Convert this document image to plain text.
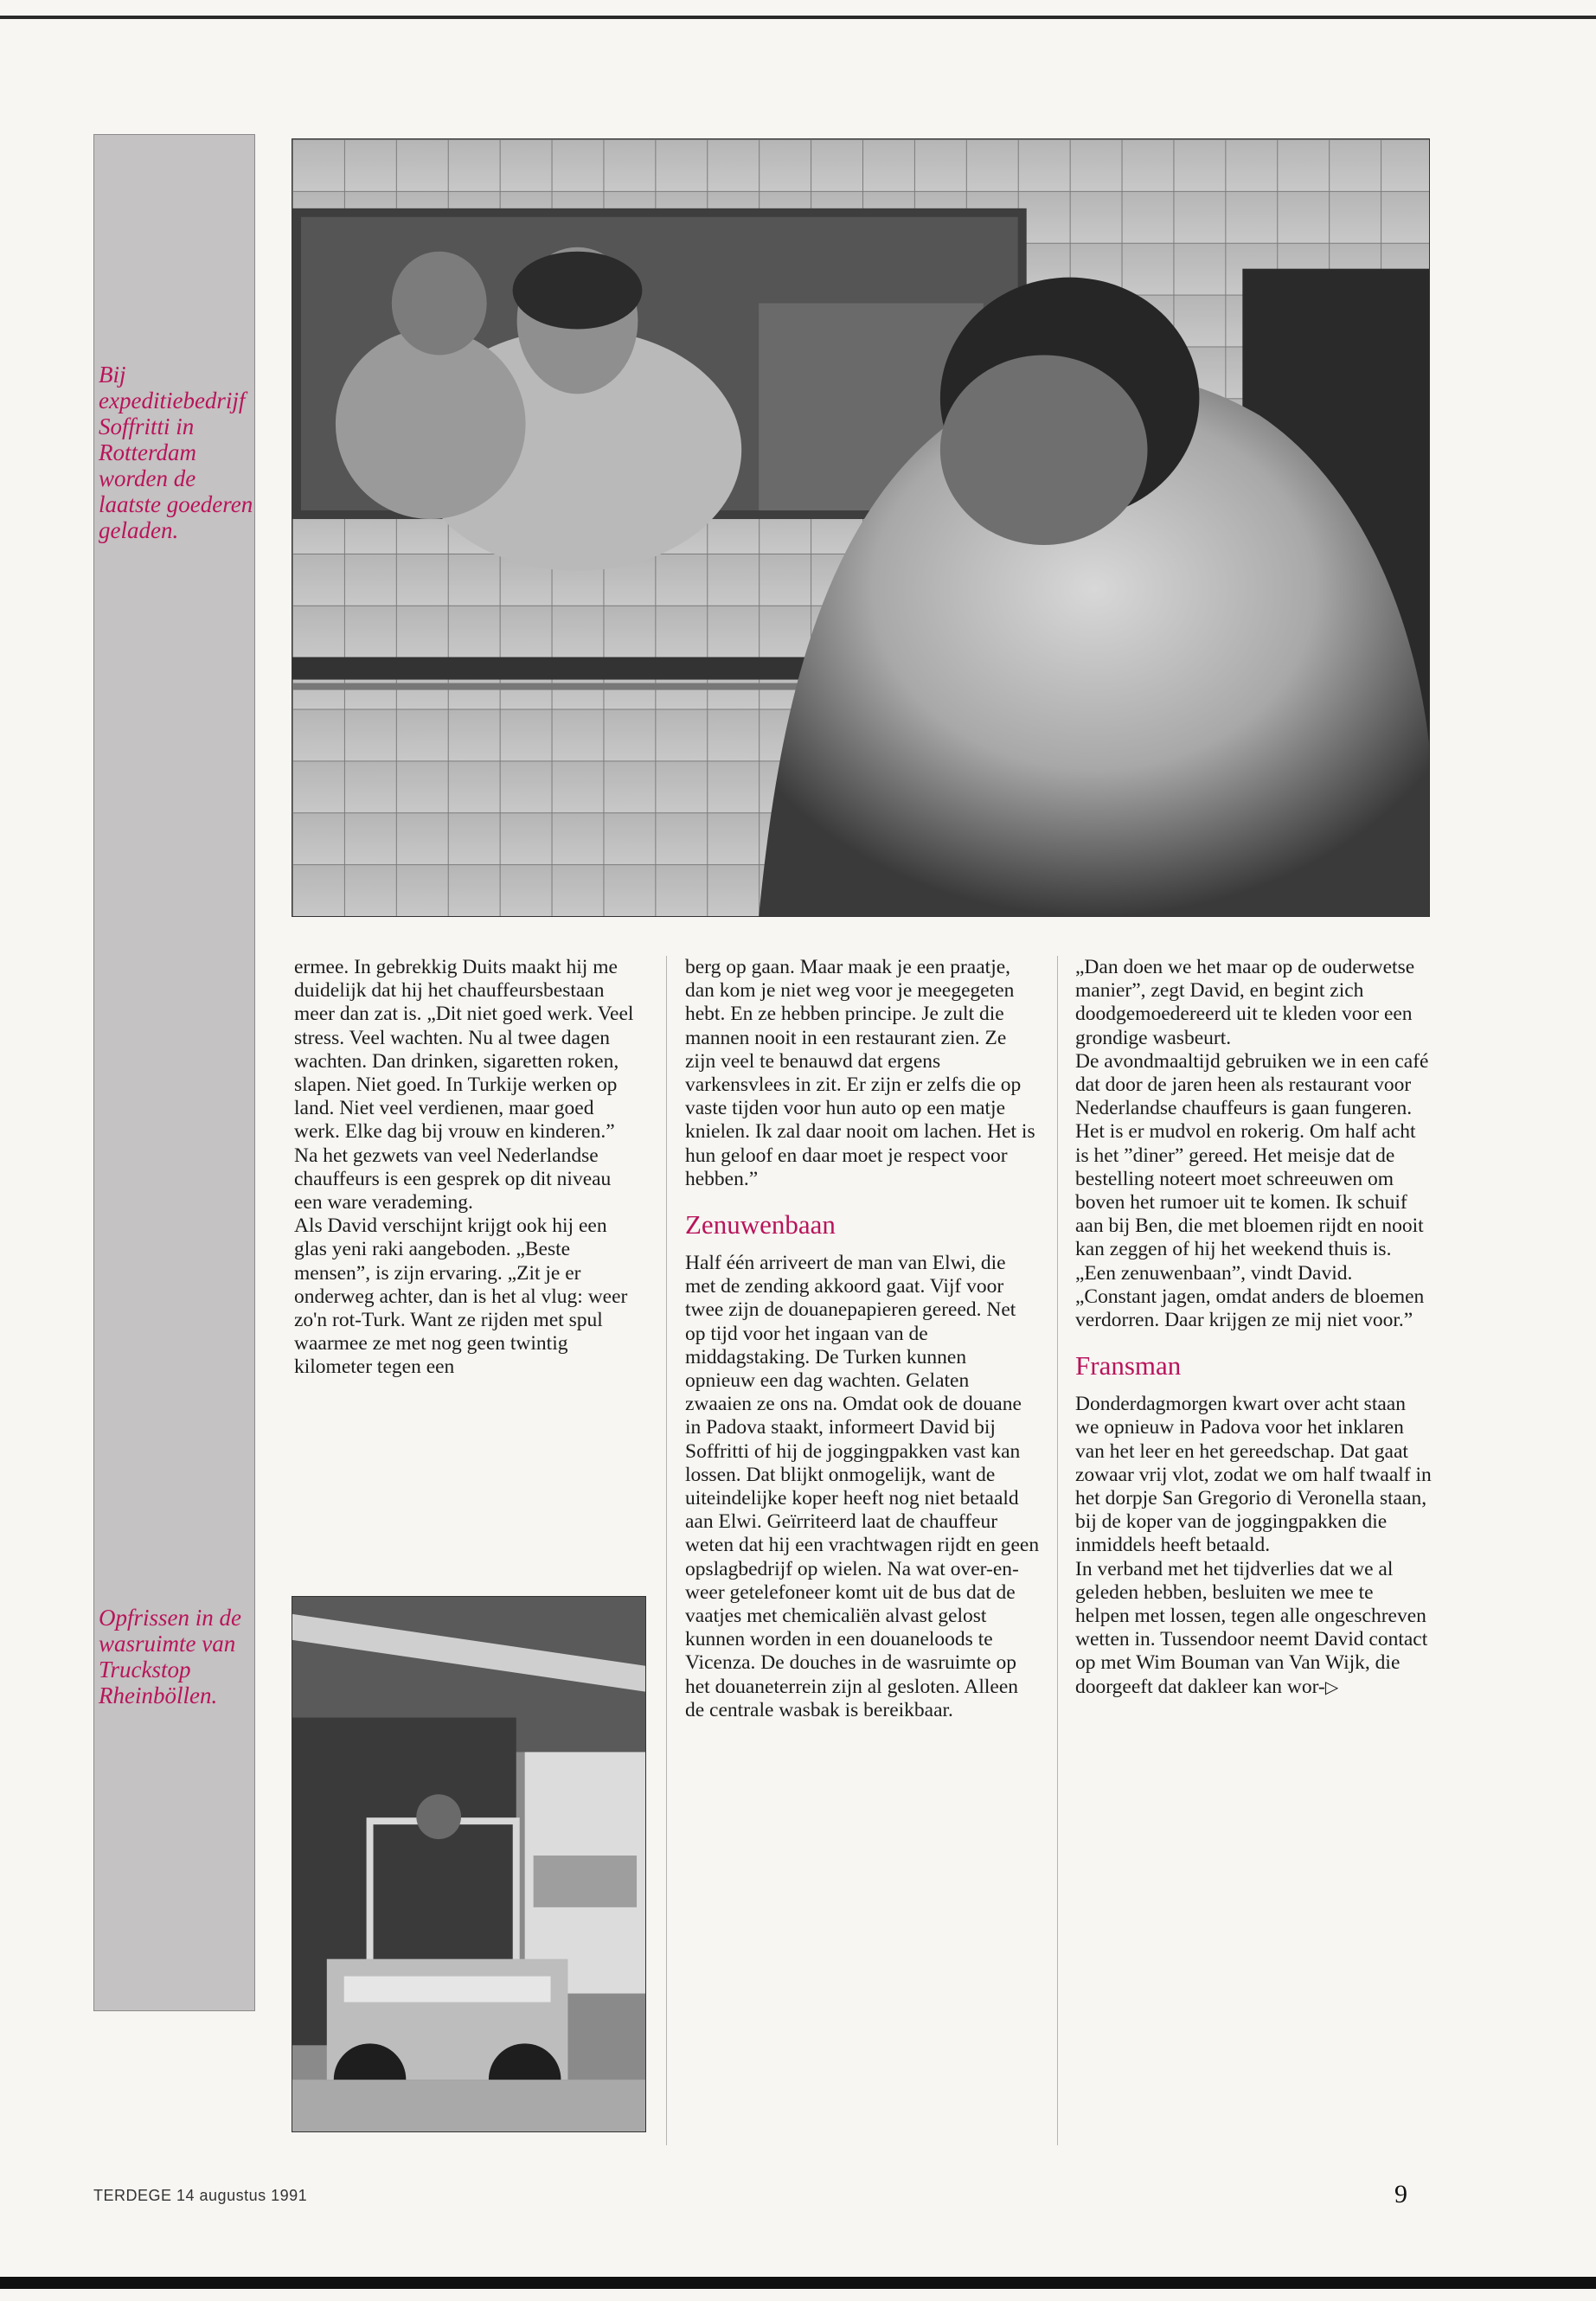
Bij expeditiebedrijf Soffritti in Rotterdam worden de laatste goederen geladen.
Opfrissen in de wasruimte van Truckstop Rheinböllen.

ermee. In gebrekkig Duits maakt hij me duidelijk dat hij het chauffeursbestaan meer dan zat is. „Dit niet goed werk. Veel stress. Veel wachten. Nu al twee dagen wachten. Dan drinken, sigaretten roken, slapen. Niet goed. In Turkije werken op land. Niet veel verdienen, maar goed werk. Elke dag bij vrouw en kinderen.” Na het gezwets van veel Nederlandse chauffeurs is een gesprek op dit niveau een ware verademing.

Als David verschijnt krijgt ook hij een glas yeni raki aangeboden. „Beste mensen”, is zijn ervaring. „Zit je er onderweg achter, dan is het al vlug: weer zo'n rot-Turk. Want ze rijden met spul waarmee ze met nog geen twintig kilometer tegen een

berg op gaan. Maar maak je een praatje, dan kom je niet weg voor je meegegeten hebt. En ze hebben principe. Je zult die mannen nooit in een restaurant zien. Ze zijn veel te benauwd dat ergens varkensvlees in zit. Er zijn er zelfs die op vaste tijden voor hun auto op een matje knielen. Ik zal daar nooit om lachen. Het is hun geloof en daar moet je respect voor hebben.”

Zenuwenbaan

Half één arriveert de man van Elwi, die met de zending akkoord gaat. Vijf voor twee zijn de douanepapieren gereed. Net op tijd voor het ingaan van de middagstaking. De Turken kunnen opnieuw een dag wachten. Gelaten zwaaien ze ons na. Omdat ook de douane in Padova staakt, informeert David bij Soffritti of hij de joggingpakken vast kan lossen. Dat blijkt onmogelijk, want de uiteindelijke koper heeft nog niet betaald aan Elwi. Geïrriteerd laat de chauffeur weten dat hij een vrachtwagen rijdt en geen opslagbedrijf op wielen. Na wat over-en-weer getelefoneer komt uit de bus dat de vaatjes met chemicaliën alvast gelost kunnen worden in een douaneloods te Vicenza. De douches in de wasruimte op het douaneterrein zijn al gesloten. Alleen de centrale wasbak is bereikbaar.

„Dan doen we het maar op de ouderwetse manier”, zegt David, en begint zich doodgemoedereerd uit te kleden voor een grondige wasbeurt.

De avondmaaltijd gebruiken we in een café dat door de jaren heen als restaurant voor Nederlandse chauffeurs is gaan fungeren. Het is er mudvol en rokerig. Om half acht is het ”diner” gereed. Het meisje dat de bestelling noteert moet schreeuwen om boven het rumoer uit te komen. Ik schuif aan bij Ben, die met bloemen rijdt en nooit kan zeggen of hij het weekend thuis is. „Een zenuwenbaan”, vindt David. „Constant jagen, omdat anders de bloemen verdorren. Daar krijgen ze mij niet voor.”

Fransman

Donderdagmorgen kwart over acht staan we opnieuw in Padova voor het inklaren van het leer en het gereedschap. Dat gaat zowaar vrij vlot, zodat we om half twaalf in het dorpje San Gregorio di Veronella staan, bij de koper van de joggingpakken die inmiddels heeft betaald.

In verband met het tijdverlies dat we al geleden hebben, besluiten we mee te helpen met lossen, tegen alle ongeschreven wetten in. Tussendoor neemt David contact op met Wim Bouman van Van Wijk, die doorgeeft dat dakleer kan wor-▷

TERDEGE 14 augustus 1991	9
